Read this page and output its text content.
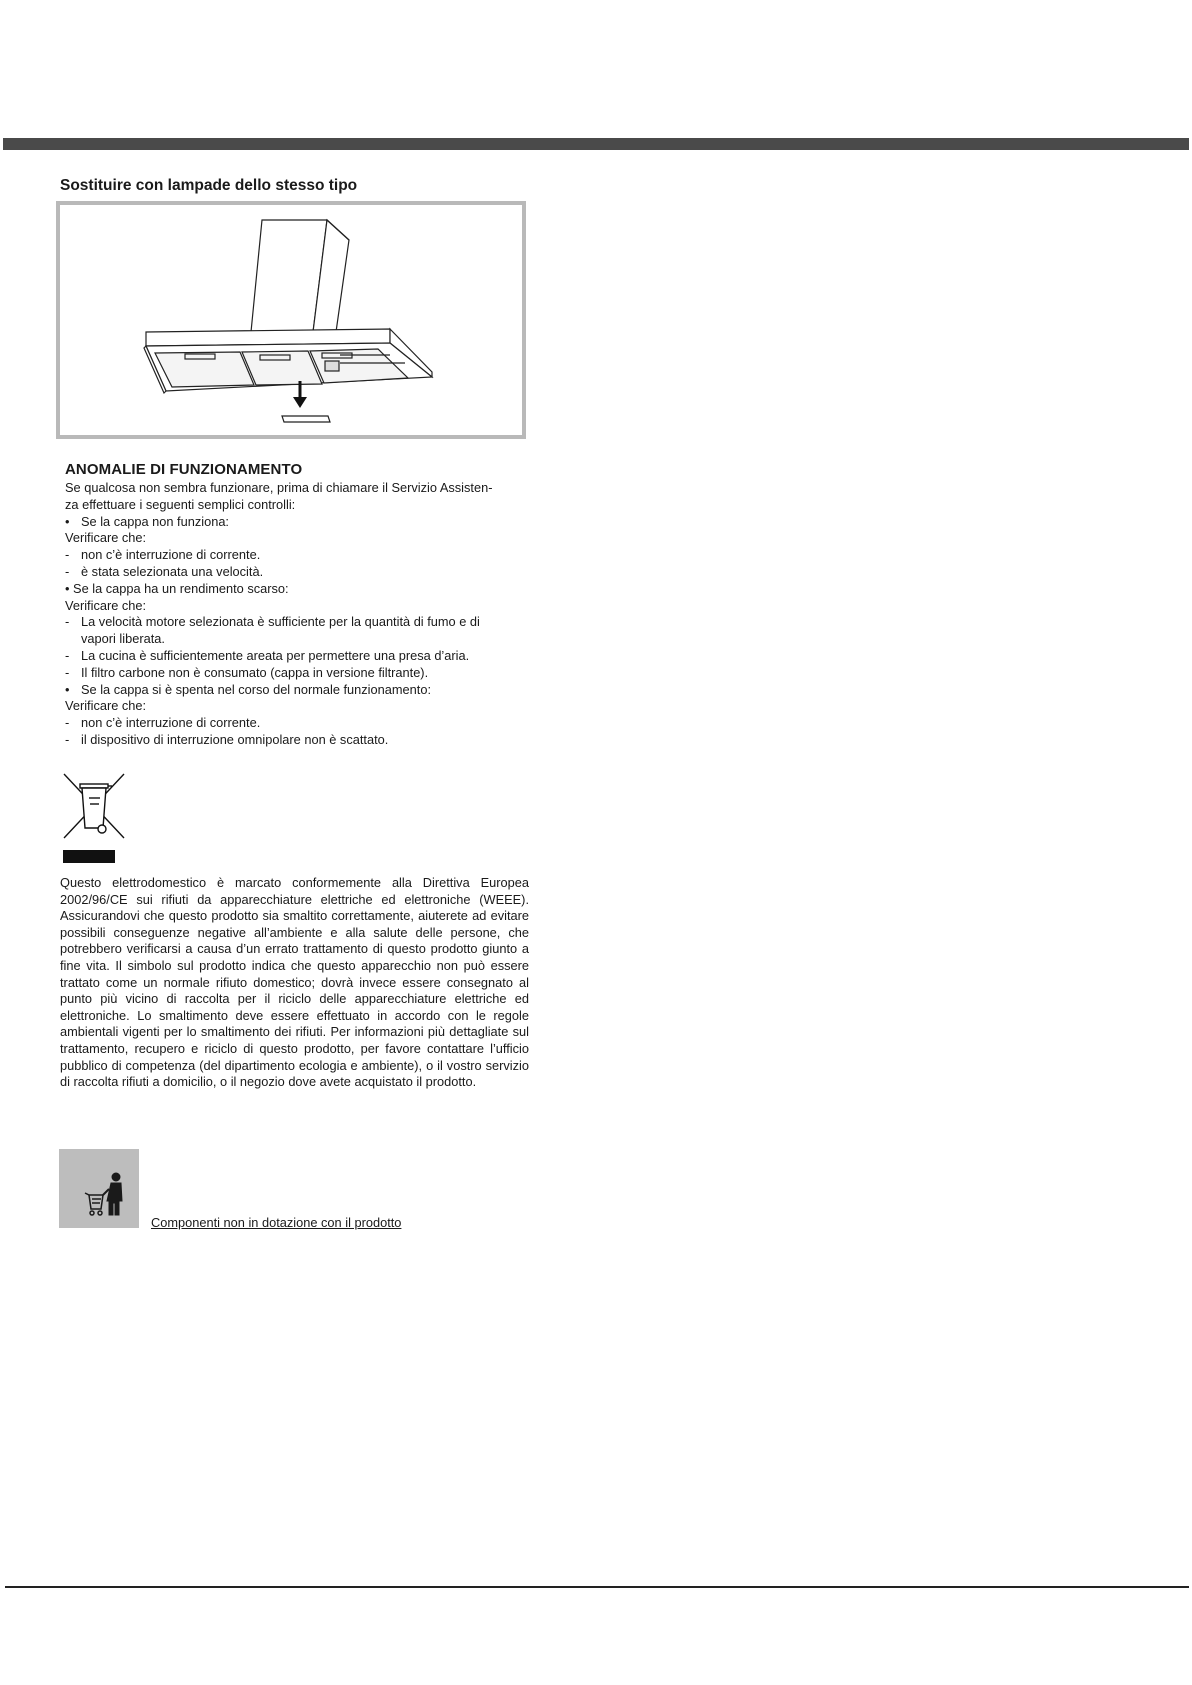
Sostituire con lampade dello stesso tipo
ANOMALIE DI FUNZIONAMENTO
Se qualcosa non sembra funzionare, prima di chiamare il Servizio Assisten-
za effettuare i seguenti semplici controlli:
• Se la cappa non funziona:
Verificare che:
- non c’è interruzione di corrente.
- è stata selezionata una velocità.
• Se la cappa ha un rendimento scarso:
Verificare che:
- La velocità motore selezionata è sufficiente per la quantità di fumo e di
vapori liberata.
- La cucina è sufficientemente areata per permettere una presa d’aria.
- Il filtro carbone non è consumato (cappa in versione filtrante).
• Se la cappa si è spenta nel corso del normale funzionamento:
Verificare che:
- non c’è interruzione di corrente.
- il dispositivo di interruzione omnipolare non è scattato.

Questo elettrodomestico è marcato conformemente alla Direttiva Europea 2002/96/CE sui rifiuti da apparecchiature elettriche ed elettroniche (WEEE). Assicurandovi che questo prodotto sia smaltito correttamente, aiuterete ad evitare possibili conseguenze negative all’ambiente e alla salute delle persone, che potrebbero verificarsi a causa d’un errato trattamento di questo prodotto giunto a fine vita. Il simbolo sul prodotto indica che questo apparecchio non può essere trattato come un normale rifiuto domestico; dovrà invece essere consegnato al punto più vicino di raccolta per il riciclo delle apparecchiature elettriche ed elettroniche. Lo smaltimento deve essere effettuato in accordo con le regole ambientali vigenti per lo smaltimento dei rifiuti. Per informazioni più dettagliate sul trattamento, recupero e riciclo di questo prodotto, per favore contattare l’ufficio pubblico di competenza (del dipartimento ecologia e ambiente), o il vostro servizio di raccolta rifiuti a domicilio, o il negozio dove avete acquistato il prodotto.

Componenti non in dotazione con il prodotto
